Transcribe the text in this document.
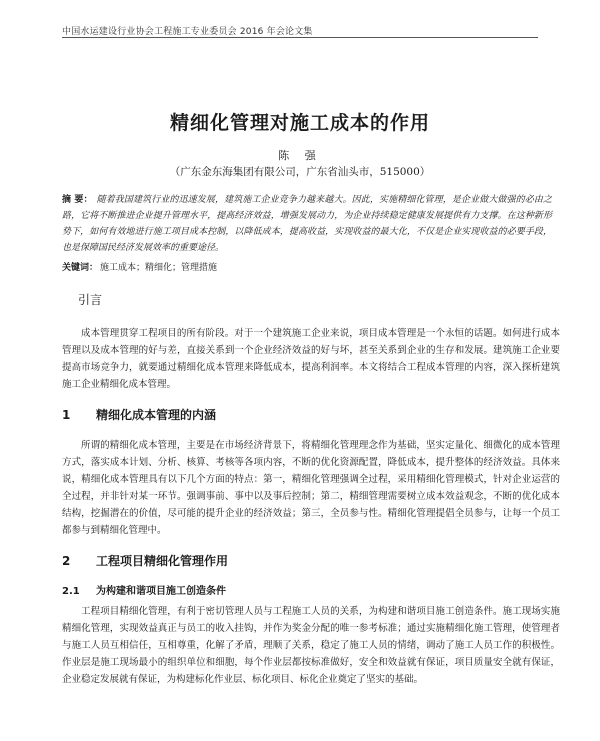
中国水运建设行业协会工程施工专业委员会 2016 年会论文集
精细化管理对施工成本的作用
陈 强
（广东金东海集团有限公司，广东省汕头市，515000）
摘 要： 随着我国建筑行业的迅速发展，建筑施工企业竞争力越来越大。因此，实施精细化管理，是企业做大做强的必由之路，它将不断推进企业提升管理水平，提高经济效益，增强发展动力，为企业持续稳定健康发展提供有力支撑。在这种新形势下，如何有效地进行施工项目成本控制，以降低成本，提高收益，实现收益的最大化，不仅是企业实现收益的必要手段，也是保障国民经济发展效率的重要途径。
关键词： 施工成本；精细化；管理措施
引言
成本管理贯穿工程项目的所有阶段。对于一个建筑施工企业来说，项目成本管理是一个永恒的话题。如何进行成本管理以及成本管理的好与差，直接关系到一个企业经济效益的好与坏，甚至关系到企业的生存和发展。建筑施工企业要提高市场竞争力，就要通过精细化成本管理来降低成本，提高利润率。本文将结合工程成本管理的内容，深入探析建筑施工企业精细化成本管理。
1 精细化成本管理的内涵
所谓的精细化成本管理，主要是在市场经济背景下，将精细化管理理念作为基础，坚实定量化、细微化的成本管理方式，落实成本计划、分析、核算、考核等各项内容，不断的优化资源配置，降低成本，提升整体的经济效益。具体来说，精细化成本管理具有以下几个方面的特点：第一，精细化管理强调全过程，采用精细化管理模式，针对企业运营的全过程，并非针对某一环节。强调事前、事中以及事后控制；第二，精细管理需要树立成本效益观念，不断的优化成本结构，挖掘潜在的价值，尽可能的提升企业的经济效益；第三，全员参与性。精细化管理提倡全员参与，让每一个员工都参与到精细化管理中。
2 工程项目精细化管理作用
2.1 为构建和谐项目施工创造条件
工程项目精细化管理，有利于密切管理人员与工程施工人员的关系，为构建和谐项目施工创造条件。施工现场实施精细化管理，实现效益真正与员工的收入挂钩，并作为奖金分配的唯一参考标准；通过实施精细化施工管理，使管理者与施工人员互相信任，互相尊重，化解了矛盾，理顺了关系，稳定了施工人员的情绪，调动了施工人员工作的积极性。作业层是施工现场最小的组织单位和细胞，每个作业层都按标准做好，安全和效益就有保证，项目质量安全就有保证，企业稳定发展就有保证，为构建标化作业层、标化项目、标化企业奠定了坚实的基础。
